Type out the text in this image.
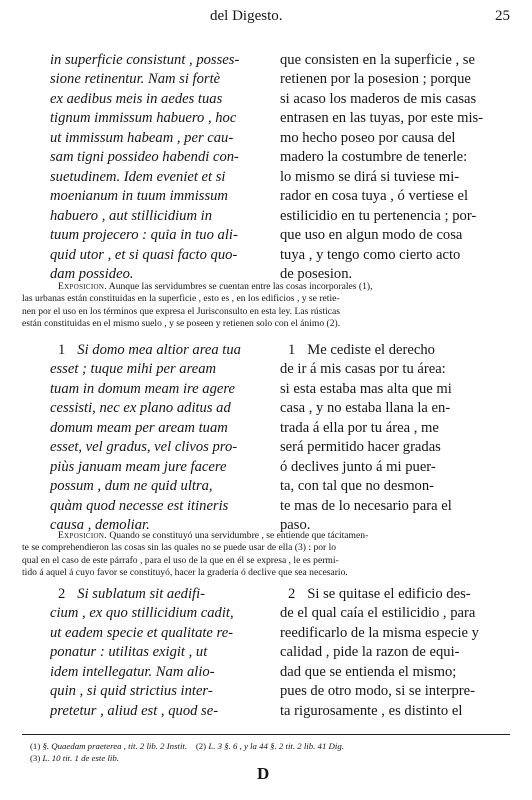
del Digesto.	25
in superficie consistunt , posses-
sione retinentur. Nam si fortè
ex aedibus meis in aedes tuas
tignum immissum habuero , hoc
ut immissum habeam , per cau-
sam tigni possideo habendi con-
suetudinem. Idem eveniet et si
moenianum in tuum immissum
habuero , aut stillicidium in
tuum projecero : quia in tuo ali-
quid utor , et si quasi facto quo-
dam possideo.
que consisten en la superficie , se
retienen por la posesion ; porque
si acaso los maderos de mis casas
entrasen en las tuyas, por este mis-
mo hecho poseo por causa del
madero la costumbre de tenerle:
lo mismo se dirá si tuviese mi-
rador en cosa tuya , ó vertiese el
estilicidio en tu pertenencia ; por-
que uso en algun modo de cosa
tuya , y tengo como cierto acto
de posesion.
Exposicion. Aunque las servidumbres se cuentan entre las cosas incorporales (1),
las urbanas están constituidas en la superficie , esto es , en los edificios , y se retie-
nen por el uso en los términos que expresa el Jurisconsulto en esta ley. Las rústicas
están constituidas en el mismo suelo , y se poseen y retienen solo con el ánimo (2).
1 Si domo mea altior area tua
esset ; tuque mihi per aream
tuam in domum meam ire agere
cessisti, nec ex plano aditus ad
domum meam per aream tuam
esset, vel gradus, vel clivos pro-
piùs januam meam jure facere
possum , dum ne quid ultra,
quàm quod necesse est itineris
causa , demoliar.
1 Me cediste el derecho
de ir á mis casas por tu área:
si esta estaba mas alta que mi
casa , y no estaba llana la en-
trada á ella por tu área , me
será permitido hacer gradas
ó declives junto á mi puer-
ta, con tal que no desmon-
te mas de lo necesario para el
paso.
Exposicion. Quando se constituyó una servidumbre , se entiende que tácitamen-
te se comprehendieron las cosas sin las quales no se puede usar de ella (3) : por lo
qual en el caso de este párrafo , para el uso de la que en él se expresa , le es permi-
tido á aquel á cuyo favor se constituyó, hacer la gradería ó declive que sea necesario.
2 Si sublatum sit aedifi-
cium , ex quo stillicidium cadit,
ut eadem specie et qualitate re-
ponatur : utilitas exigit , ut
idem intellegatur. Nam alio-
quin , si quid strictius inter-
pretetur , aliud est , quod se-
2 Si se quitase el edificio des-
de el qual caía el estilicidio , para
reedificarlo de la misma especie y
calidad , pide la razon de equi-
dad que se entienda el mismo;
pues de otro modo, si se interpre-
ta rigurosamente , es distinto el
(1) §. Quaedam praeterea , tit. 2 lib. 2 Instit. (2) L. 3 §. 6 , y la 44 §. 2 tit. 2 lib. 41 Dig.
(3) L. 10 tit. 1 de este lib.
D
